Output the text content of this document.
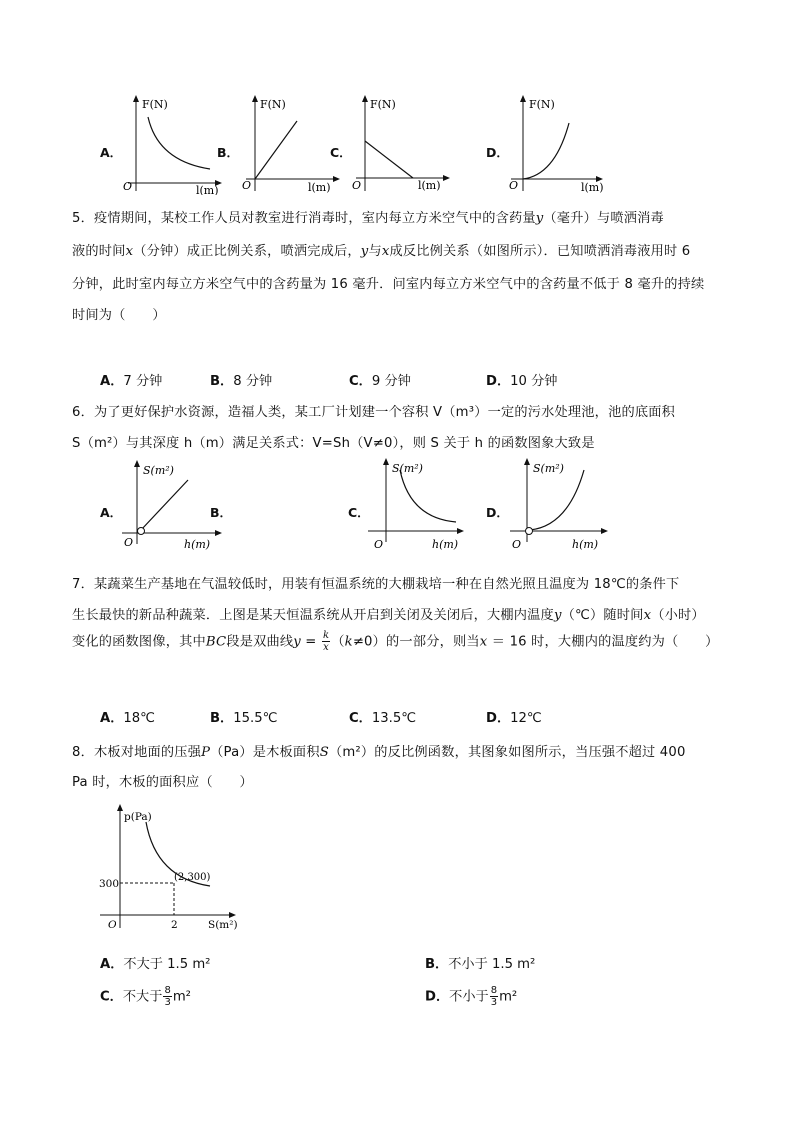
A．
F(N)
O	l(m)
B．
F(N)
O	l(m)
C．
F(N)
O	l(m)
D．
F(N)
O	l(m)
5．疫情期间，某校工作人员对教室进行消毒时，室内每立方米空气中的含药量y（毫升）与喷洒消毒
液的时间x（分钟）成正比例关系，喷洒完成后，y与x成反比例关系（如图所示）．已知喷洒消毒液用时 6
分钟，此时室内每立方米空气中的含药量为 16 毫升．问室内每立方米空气中的含药量不低于 8 毫升的持续
时间为（　　）
A．7 分钟	B．8 分钟	C．9 分钟	D．10 分钟
6．为了更好保护水资源，造福人类，某工厂计划建一个容积 V（m³）一定的污水处理池，池的底面积
S（m²）与其深度 h（m）满足关系式：V=Sh（V≠0），则 S 关于 h 的函数图象大致是
A．
S(m²)
O	h(m)
B．	C．
S(m²)
O	h(m)
D．
S(m²)
O	h(m)
7．某蔬菜生产基地在气温较低时，用装有恒温系统的大棚栽培一种在自然光照且温度为 18℃的条件下
生长最快的新品种蔬菜．上图是某天恒温系统从开启到关闭及关闭后，大棚内温度y（℃）随时间x（小时）
变化的函数图像，其中BC段是双曲线$y = \frac{k}{x} (k\ne 0)$的一部分，则当x ＝ 16 时，大棚内的温度约为（　　）
A．18℃	B．15.5℃	C．13.5℃	D．12℃
8．木板对地面的压强P（Pa）是木板面积S（m²）的反比例函数，其图象如图所示，当压强不超过 400
Pa 时，木板的面积应（　　）
p(Pa)
300
2
O	S(m²)
(2,300)
A．不大于 1.5 m²	B．不小于 1.5 m²
C．不大于 $\frac{8}{3} m^2$	D．不小于 $\frac{8}{3} m^2$
